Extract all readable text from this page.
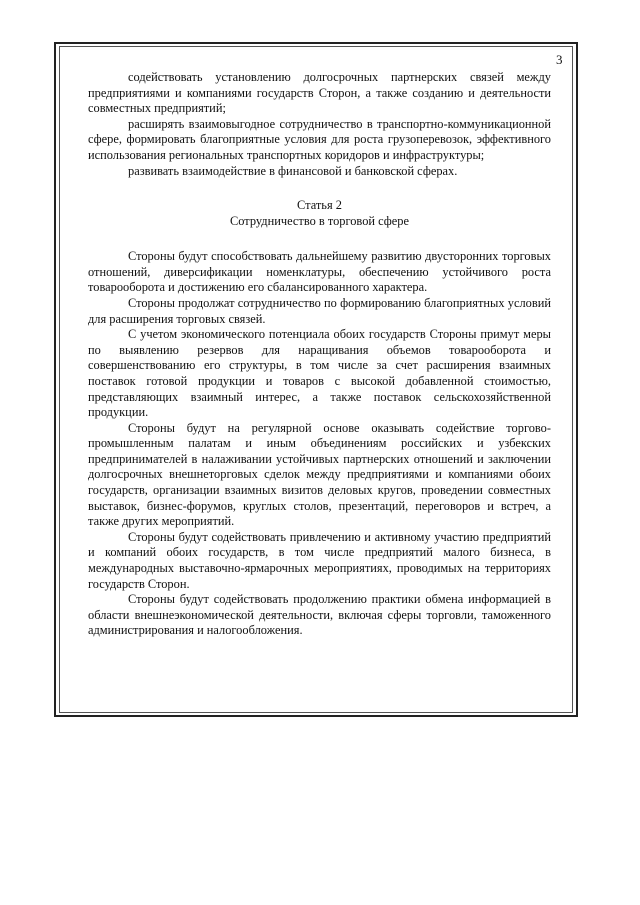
3

содействовать установлению долгосрочных партнерских связей между предприятиями и компаниями государств Сторон, а также созданию и деятельности совместных предприятий;

расширять взаимовыгодное сотрудничество в транспортно-коммуникационной сфере, формировать благоприятные условия для роста грузоперевозок, эффективного использования региональных транспортных коридоров и инфраструктуры;

развивать взаимодействие в финансовой и банковской сферах.

Статья 2
Сотрудничество в торговой сфере

Стороны будут способствовать дальнейшему развитию двусторонних торговых отношений, диверсификации номенклатуры, обеспечению устойчивого роста товарооборота и достижению его сбалансированного характера.

Стороны продолжат сотрудничество по формированию благоприятных условий для расширения торговых связей.

С учетом экономического потенциала обоих государств Стороны примут меры по выявлению резервов для наращивания объемов товарооборота и совершенствованию его структуры, в том числе за счет расширения взаимных поставок готовой продукции и товаров с высокой добавленной стоимостью, представляющих взаимный интерес, а также поставок сельскохозяйственной продукции.

Стороны будут на регулярной основе оказывать содействие торгово-промышленным палатам и иным объединениям российских и узбекских предпринимателей в налаживании устойчивых партнерских отношений и заключении долгосрочных внешнеторговых сделок между предприятиями и компаниями обоих государств, организации взаимных визитов деловых кругов, проведении совместных выставок, бизнес-форумов, круглых столов, презентаций, переговоров и встреч, а также других мероприятий.

Стороны будут содействовать привлечению и активному участию предприятий и компаний обоих государств, в том числе предприятий малого бизнеса, в международных выставочно-ярмарочных мероприятиях, проводимых на территориях государств Сторон.

Стороны будут содействовать продолжению практики обмена информацией в области внешнеэкономической деятельности, включая сферы торговли, таможенного администрирования и налогообложения.
